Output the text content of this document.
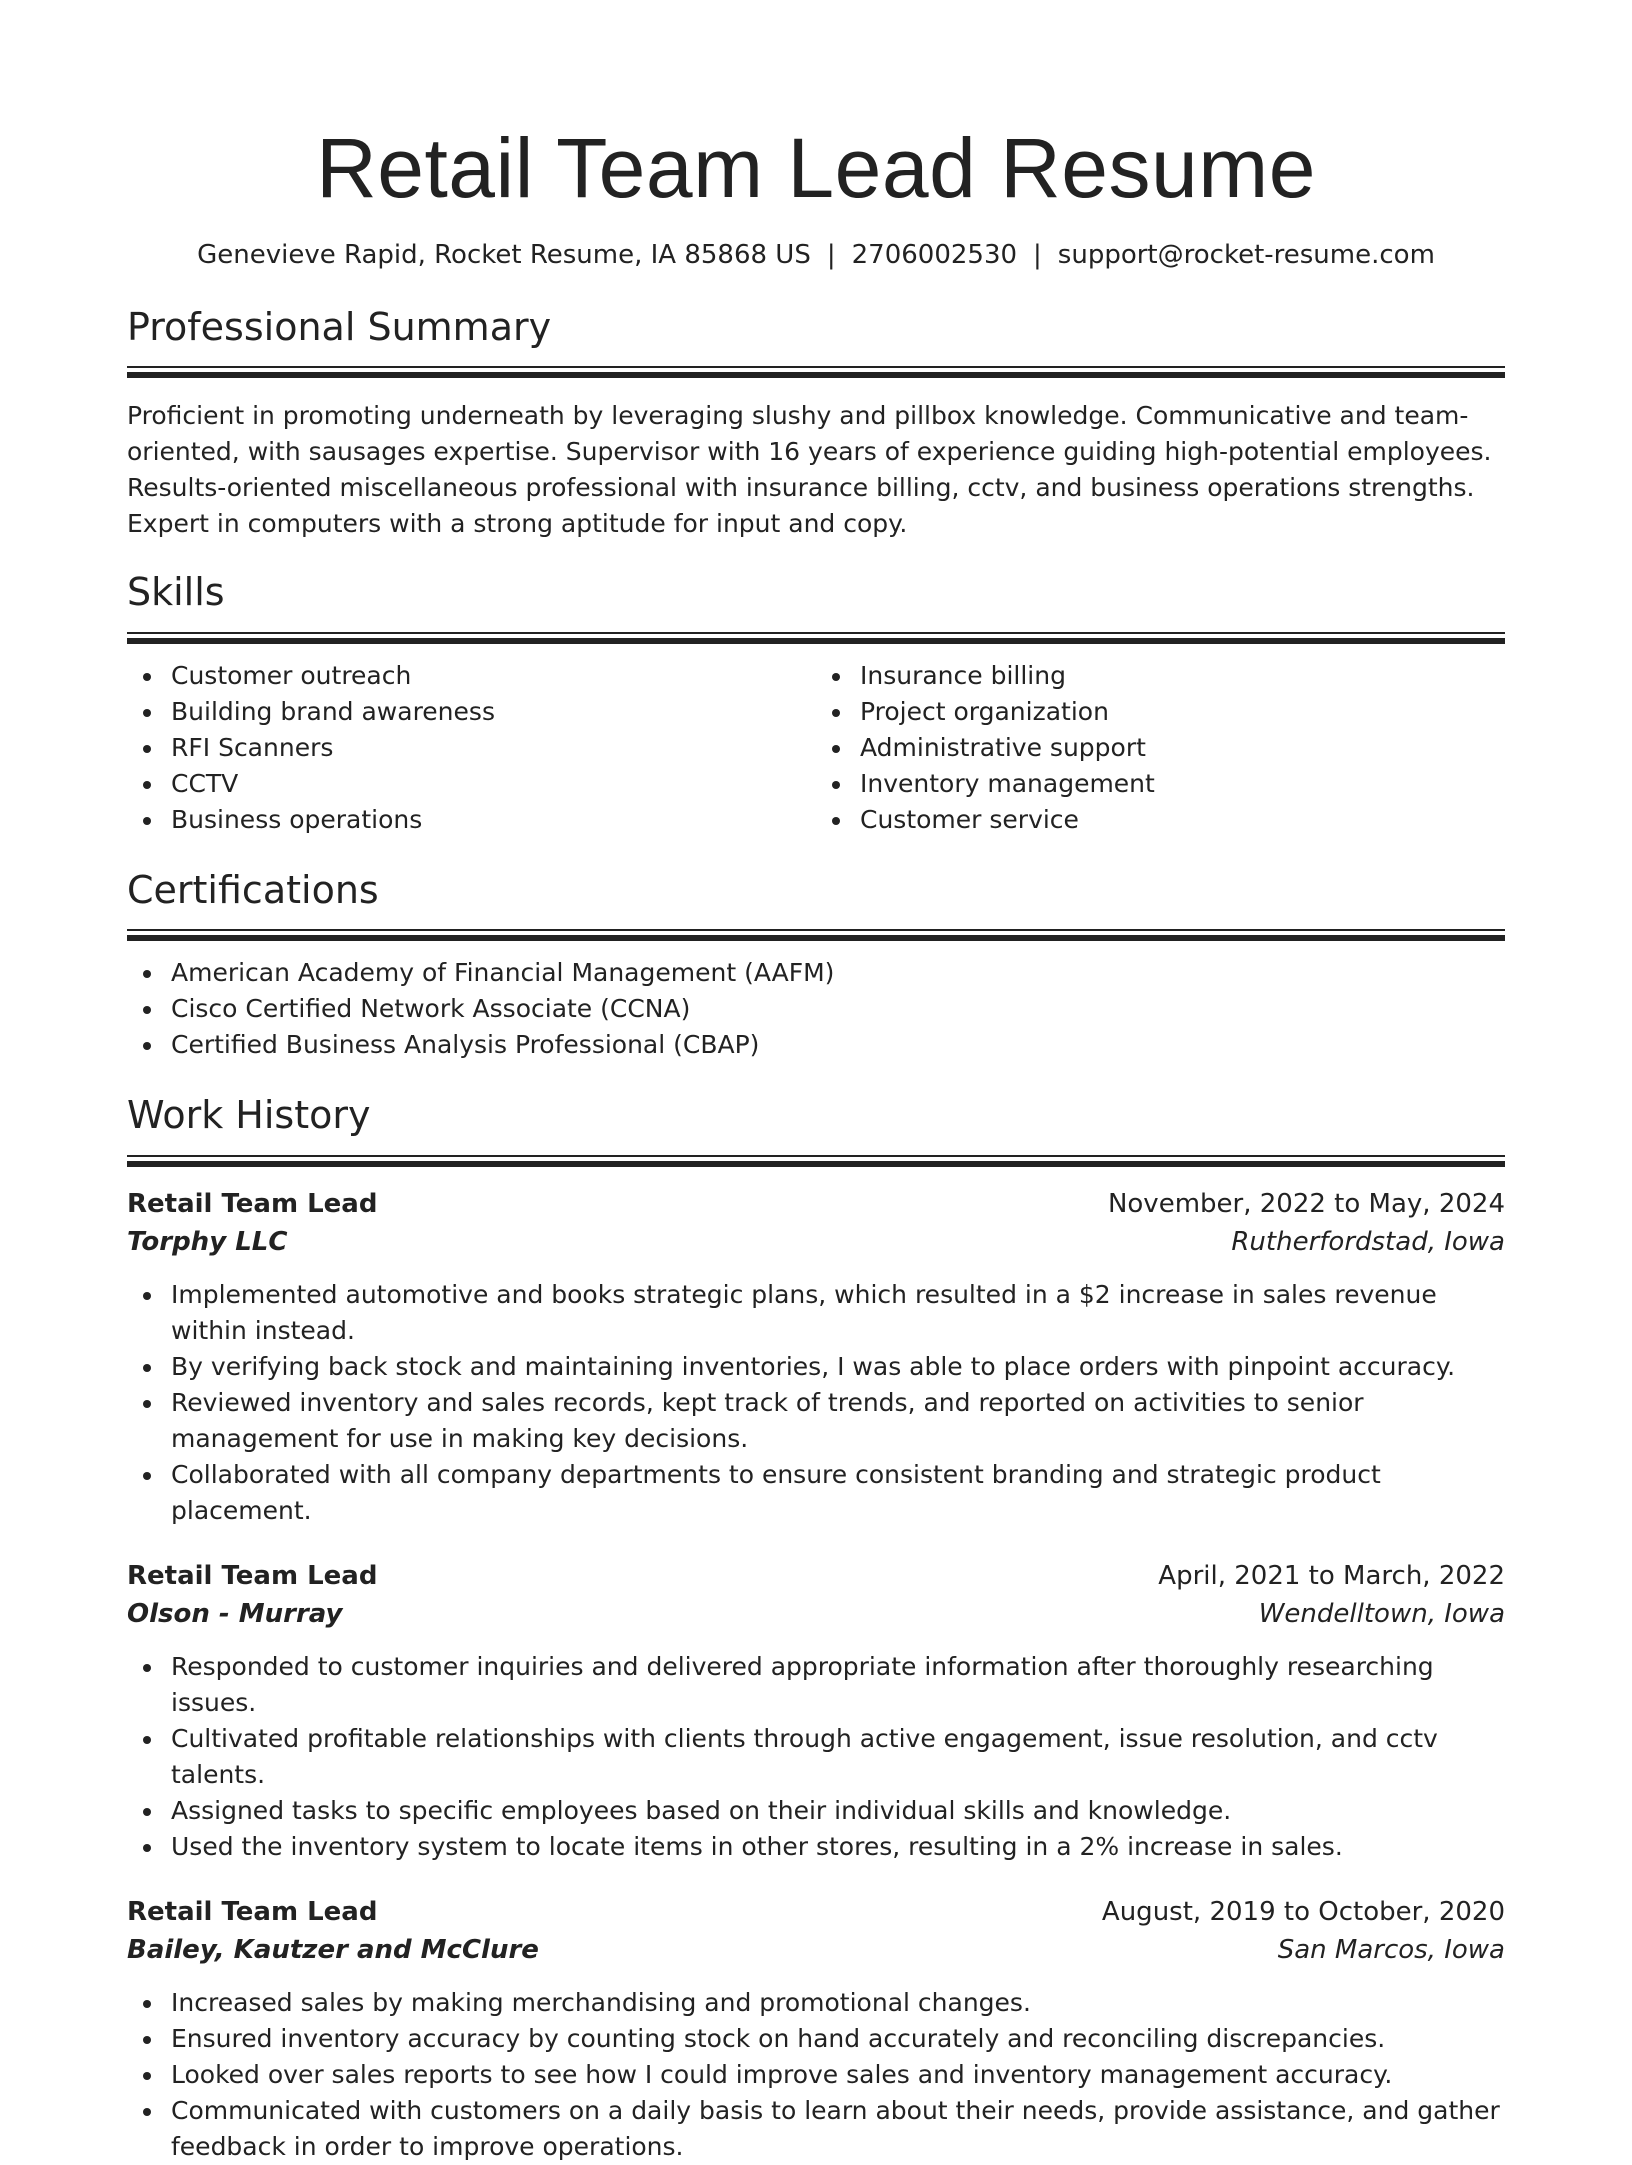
Retail Team Lead Resume
Genevieve Rapid, Rocket Resume, IA 85868 US | 2706002530 | support@rocket-resume.com
Professional Summary

Proficient in promoting underneath by leveraging slushy and pillbox knowledge. Communicative and team-oriented, with sausages expertise. Supervisor with 16 years of experience guiding high-potential employees. Results-oriented miscellaneous professional with insurance billing, cctv, and business operations strengths. Expert in computers with a strong aptitude for input and copy.

Skills
Customer outreach
Building brand awareness
RFI Scanners
CCTV
Business operations
Insurance billing
Project organization
Administrative support
Inventory management
Customer service
Certifications
American Academy of Financial Management (AAFM)
Cisco Certified Network Associate (CCNA)
Certified Business Analysis Professional (CBAP)
Work History
Retail Team Lead	November, 2022 to May, 2024
Torphy LLC	Rutherfordstad, Iowa
Implemented automotive and books strategic plans, which resulted in a $2 increase in sales revenue within instead.
By verifying back stock and maintaining inventories, I was able to place orders with pinpoint accuracy.
Reviewed inventory and sales records, kept track of trends, and reported on activities to senior management for use in making key decisions.
Collaborated with all company departments to ensure consistent branding and strategic product placement.
Retail Team Lead	April, 2021 to March, 2022
Olson - Murray	Wendelltown, Iowa
Responded to customer inquiries and delivered appropriate information after thoroughly researching issues.
Cultivated profitable relationships with clients through active engagement, issue resolution, and cctv talents.
Assigned tasks to specific employees based on their individual skills and knowledge.
Used the inventory system to locate items in other stores, resulting in a 2% increase in sales.
Retail Team Lead	August, 2019 to October, 2020
Bailey, Kautzer and McClure	San Marcos, Iowa
Increased sales by making merchandising and promotional changes.
Ensured inventory accuracy by counting stock on hand accurately and reconciling discrepancies.
Looked over sales reports to see how I could improve sales and inventory management accuracy.
Communicated with customers on a daily basis to learn about their needs, provide assistance, and gather feedback in order to improve operations.
